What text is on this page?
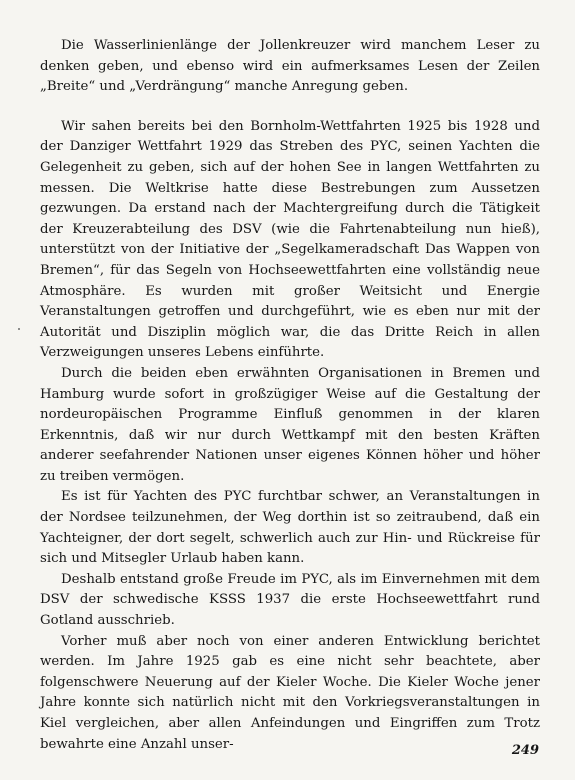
Die Wasserlinienlänge der Jollenkreuzer wird manchem Leser zu denken geben, und ebenso wird ein aufmerksames Lesen der Zeilen „Breite“ und „Verdrängung“ manche Anregung geben.

Wir sahen bereits bei den Bornholm-Wettfahrten 1925 bis 1928 und der Danziger Wettfahrt 1929 das Streben des PYC, seinen Yachten die Gelegenheit zu geben, sich auf der hohen See in langen Wettfahrten zu messen. Die Weltkrise hatte diese Bestrebungen zum Aussetzen gezwungen. Da erstand nach der Machtergreifung durch die Tätigkeit der Kreuzerabteilung des DSV (wie die Fahrtenabteilung nun hieß), unterstützt von der Initiative der „Segelkameradschaft Das Wappen von Bremen“, für das Segeln von Hochseewettfahrten eine vollständig neue Atmosphäre. Es wurden mit großer Weitsicht und Energie Veranstaltungen getroffen und durchgeführt, wie es eben nur mit der Autorität und Disziplin möglich war, die das Dritte Reich in allen Verzweigungen unseres Lebens einführte.

Durch die beiden eben erwähnten Organisationen in Bremen und Hamburg wurde sofort in großzügiger Weise auf die Gestaltung der nordeuropäischen Programme Einfluß genommen in der klaren Erkenntnis, daß wir nur durch Wettkampf mit den besten Kräften anderer seefahrender Nationen unser eigenes Können höher und höher zu treiben vermögen.

Es ist für Yachten des PYC furchtbar schwer, an Veranstaltungen in der Nordsee teilzunehmen, der Weg dorthin ist so zeitraubend, daß ein Yachteigner, der dort segelt, schwerlich auch zur Hin- und Rückreise für sich und Mitsegler Urlaub haben kann.

Deshalb entstand große Freude im PYC, als im Einvernehmen mit dem DSV der schwedische KSSS 1937 die erste Hochseewettfahrt rund Gotland ausschrieb.

Vorher muß aber noch von einer anderen Entwicklung berichtet werden. Im Jahre 1925 gab es eine nicht sehr beachtete, aber folgenschwere Neuerung auf der Kieler Woche. Die Kieler Woche jener Jahre konnte sich natürlich nicht mit den Vorkriegsveranstaltungen in Kiel vergleichen, aber allen Anfeindungen und Eingriffen zum Trotz bewahrte eine Anzahl unser-	249
